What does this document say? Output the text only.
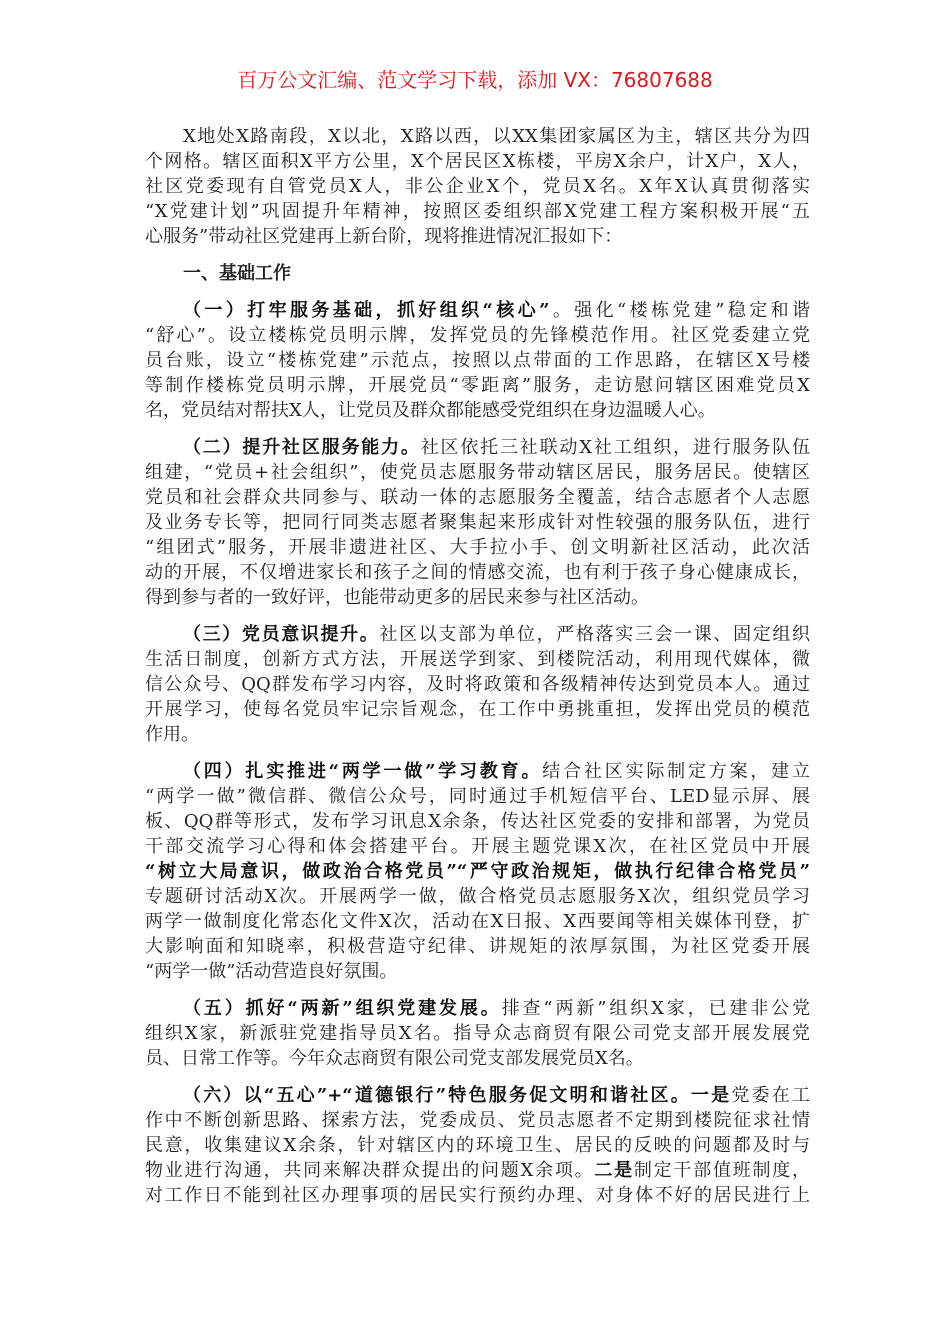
百万公文汇编、范文学习下载，添加 VX：76807688
X地处X路南段，X以北，X路以西，以XX集团家属区为主，辖区共分为四
个网格。辖区面积X平方公里，X个居民区X栋楼，平房X余户，计X户，X人，
社区党委现有自管党员X人，非公企业X个，党员X名。X年X认真贯彻落实
“X党建计划”巩固提升年精神，按照区委组织部X党建工程方案积极开展“五
心服务”带动社区党建再上新台阶，现将推进情况汇报如下：
一、基础工作
（一）打牢服务基础，抓好组织“核心”。强化“楼栋党建”稳定和谐
“舒心”。设立楼栋党员明示牌，发挥党员的先锋模范作用。社区党委建立党
员台账，设立“楼栋党建”示范点，按照以点带面的工作思路，在辖区X号楼
等制作楼栋党员明示牌，开展党员“零距离”服务，走访慰问辖区困难党员X
名，党员结对帮扶X人，让党员及群众都能感受党组织在身边温暖人心。
（二）提升社区服务能力。社区依托三社联动X社工组织，进行服务队伍
组建，“党员+社会组织”，使党员志愿服务带动辖区居民，服务居民。使辖区
党员和社会群众共同参与、联动一体的志愿服务全覆盖，结合志愿者个人志愿
及业务专长等，把同行同类志愿者聚集起来形成针对性较强的服务队伍，进行
“组团式”服务，开展非遗进社区、大手拉小手、创文明新社区活动，此次活
动的开展，不仅增进家长和孩子之间的情感交流，也有利于孩子身心健康成长，
得到参与者的一致好评，也能带动更多的居民来参与社区活动。
（三）党员意识提升。社区以支部为单位，严格落实三会一课、固定组织
生活日制度，创新方式方法，开展送学到家、到楼院活动，利用现代媒体，微
信公众号、QQ群发布学习内容，及时将政策和各级精神传达到党员本人。通过
开展学习，使每名党员牢记宗旨观念，在工作中勇挑重担，发挥出党员的模范
作用。
（四）扎实推进“两学一做”学习教育。结合社区实际制定方案，建立
“两学一做”微信群、微信公众号，同时通过手机短信平台、LED显示屏、展
板、QQ群等形式，发布学习讯息X余条，传达社区党委的安排和部署，为党员
干部交流学习心得和体会搭建平台。开展主题党课X次，在社区党员中开展
“树立大局意识，做政治合格党员”“严守政治规矩，做执行纪律合格党员”
专题研讨活动X次。开展两学一做，做合格党员志愿服务X次，组织党员学习
两学一做制度化常态化文件X次，活动在X日报、X西要闻等相关媒体刊登，扩
大影响面和知晓率，积极营造守纪律、讲规矩的浓厚氛围，为社区党委开展
“两学一做”活动营造良好氛围。
（五）抓好“两新”组织党建发展。排查“两新”组织X家，已建非公党
组织X家，新派驻党建指导员X名。指导众志商贸有限公司党支部开展发展党
员、日常工作等。今年众志商贸有限公司党支部发展党员X名。
（六）以“五心”+“道德银行”特色服务促文明和谐社区。一是党委在工
作中不断创新思路、探索方法，党委成员、党员志愿者不定期到楼院征求社情
民意，收集建议X余条，针对辖区内的环境卫生、居民的反映的问题都及时与
物业进行沟通，共同来解决群众提出的问题X余项。二是制定干部值班制度，
对工作日不能到社区办理事项的居民实行预约办理、对身体不好的居民进行上
